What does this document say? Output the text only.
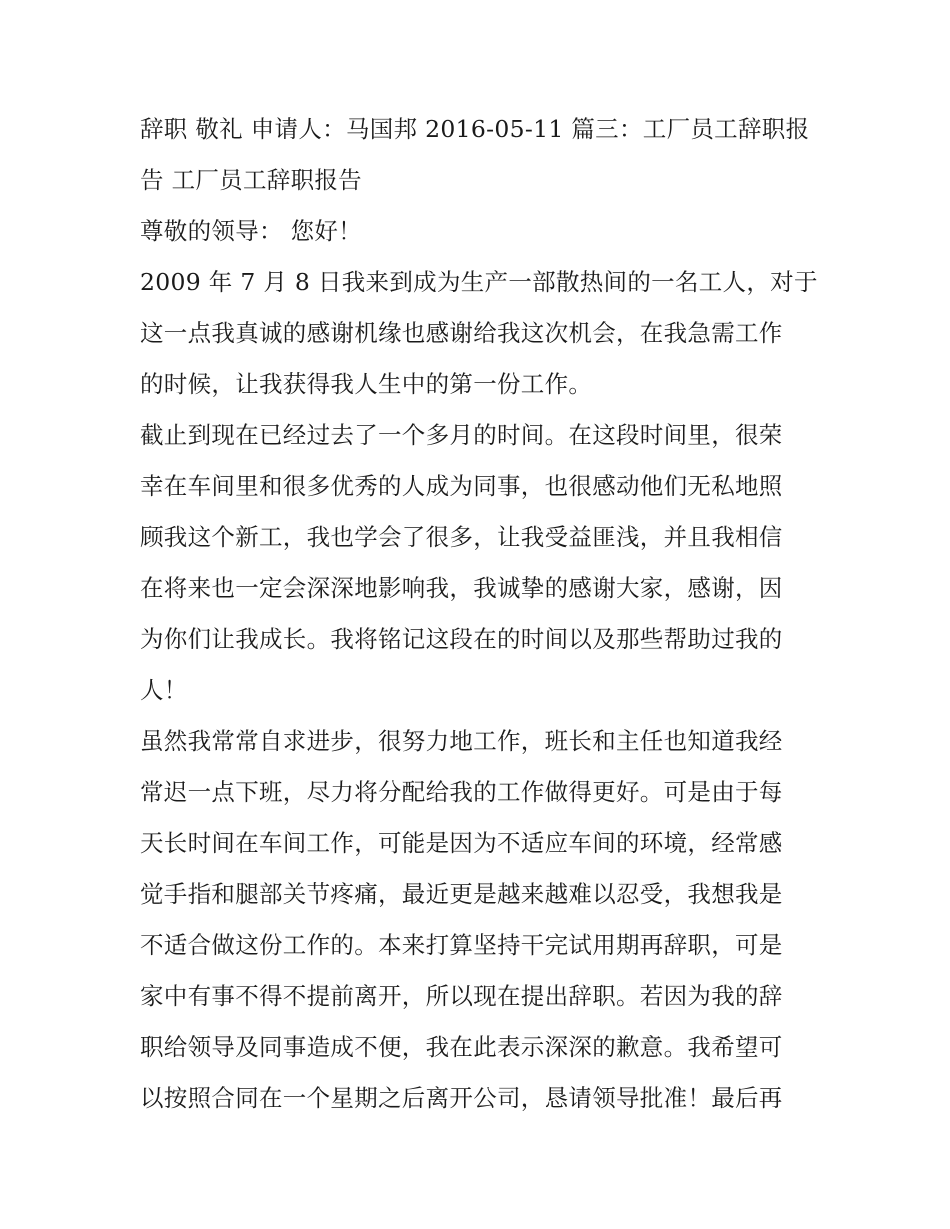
辞职 敬礼 申请人：马国邦 2016-05-11 篇三：工厂员工辞职报
告 工厂员工辞职报告
尊敬的领导： 您好！
2009 年 7 月 8 日我来到成为生产一部散热间的一名工人，对于
这一点我真诚的感谢机缘也感谢给我这次机会，在我急需工作
的时候，让我获得我人生中的第一份工作。
截止到现在已经过去了一个多月的时间。在这段时间里，很荣
幸在车间里和很多优秀的人成为同事，也很感动他们无私地照
顾我这个新工，我也学会了很多，让我受益匪浅，并且我相信
在将来也一定会深深地影响我，我诚挚的感谢大家，感谢，因
为你们让我成长。我将铭记这段在的时间以及那些帮助过我的
人！
虽然我常常自求进步，很努力地工作，班长和主任也知道我经
常迟一点下班，尽力将分配给我的工作做得更好。可是由于每
天长时间在车间工作，可能是因为不适应车间的环境，经常感
觉手指和腿部关节疼痛，最近更是越来越难以忍受，我想我是
不适合做这份工作的。本来打算坚持干完试用期再辞职，可是
家中有事不得不提前离开，所以现在提出辞职。若因为我的辞
职给领导及同事造成不便，我在此表示深深的歉意。我希望可
以按照合同在一个星期之后离开公司，恳请领导批准！最后再
